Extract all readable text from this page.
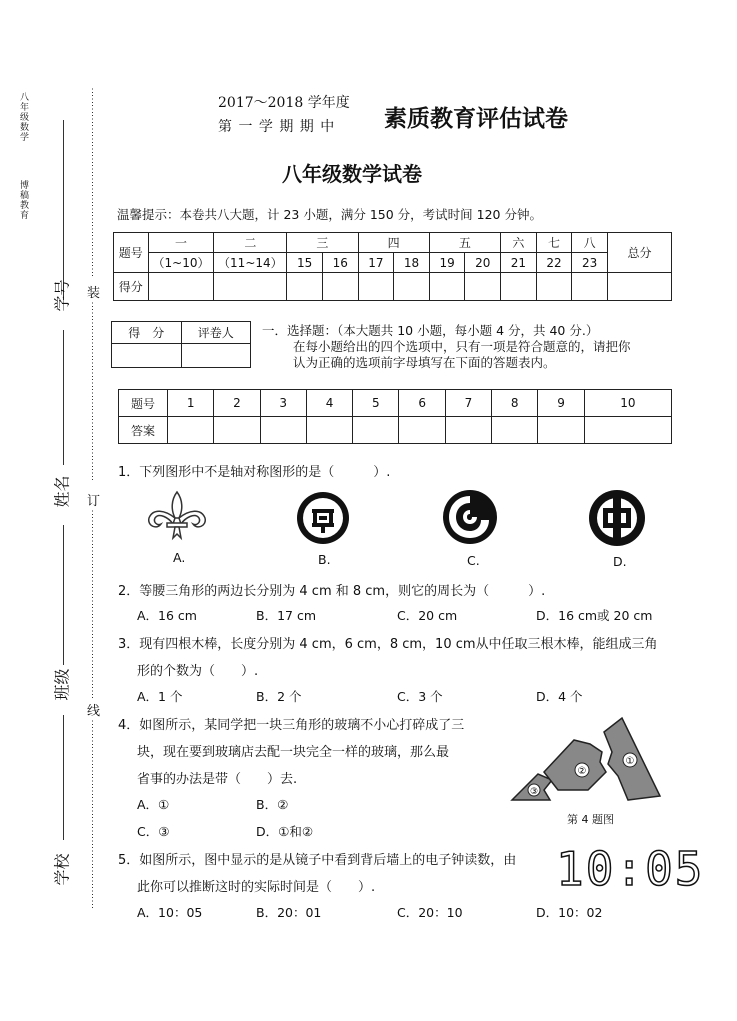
八年级数学
博稿教育
学号
姓名
班级
学校
⋮
⋮
⋮
⋮
⋮
⋮
⋮
⋮
⋮
⋮
⋮
⋮
⋮
⋮
⋮
⋮
⋮
⋮
⋮
装
⋮
⋮
⋮
⋮
⋮
⋮
⋮
⋮
⋮
⋮
⋮
⋮
⋮
⋮
⋮
⋮
⋮
⋮
订
⋮
⋮
⋮
⋮
⋮
⋮
⋮
⋮
⋮
⋮
⋮
⋮
⋮
⋮
⋮
⋮
⋮
⋮
⋮
线
⋮
⋮
⋮
⋮
⋮
⋮
⋮
⋮
⋮
⋮
⋮
⋮
⋮
⋮
⋮
⋮
⋮
⋮
⋮
2017～2018 学年度
第 一 学 期 期 中 素质教育评估试卷
八年级数学试卷
温馨提示：本卷共八大题，计 23 小题，满分 150 分，考试时间 120 分钟。
题号	一	二	三		四		五		六	七	八	总分
	（1~10）	（11~14）	15	16	17	18	19	20	21	22	23	
得分												
得　分	评卷人
	一．选择题：（本大题共 10 小题，每小题 4 分，共 40 分.）
在每小题给出的四个选项中，只有一项是符合题意的，请把你
认为正确的选项前字母填写在下面的答题表内。
题号	1	2	3	4	5	6	7	8	9	10
答案										
1．下列图形中不是轴对称图形的是（　　　）.
A.	B.	C.	D.
2．等腰三角形的两边长分别为 4 cm 和 8 cm，则它的周长为（　　　）.
A．16 cm	B．17 cm	C．20 cm	D．16 cm或 20 cm
3．现有四根木棒，长度分别为 4 cm，6 cm，8 cm，10 cm从中任取三根木棒，能组成三角
形的个数为（　　）.
A．1 个	B．2 个	C．3 个	D．4 个
4．如图所示，某同学把一块三角形的玻璃不小心打碎成了三
块，现在要到玻璃店去配一块完全一样的玻璃，那么最
省事的办法是带（　　）去.
A．①	B．②
C．③	D．①和②
③
②
①
第 4 题图
5．如图所示，图中显示的是从镜子中看到背后墙上的电子钟读数，由
此你可以推断这时的实际时间是（　　）.
A．10：05	B．20：01	C．20：10	D．10：02
10:05
